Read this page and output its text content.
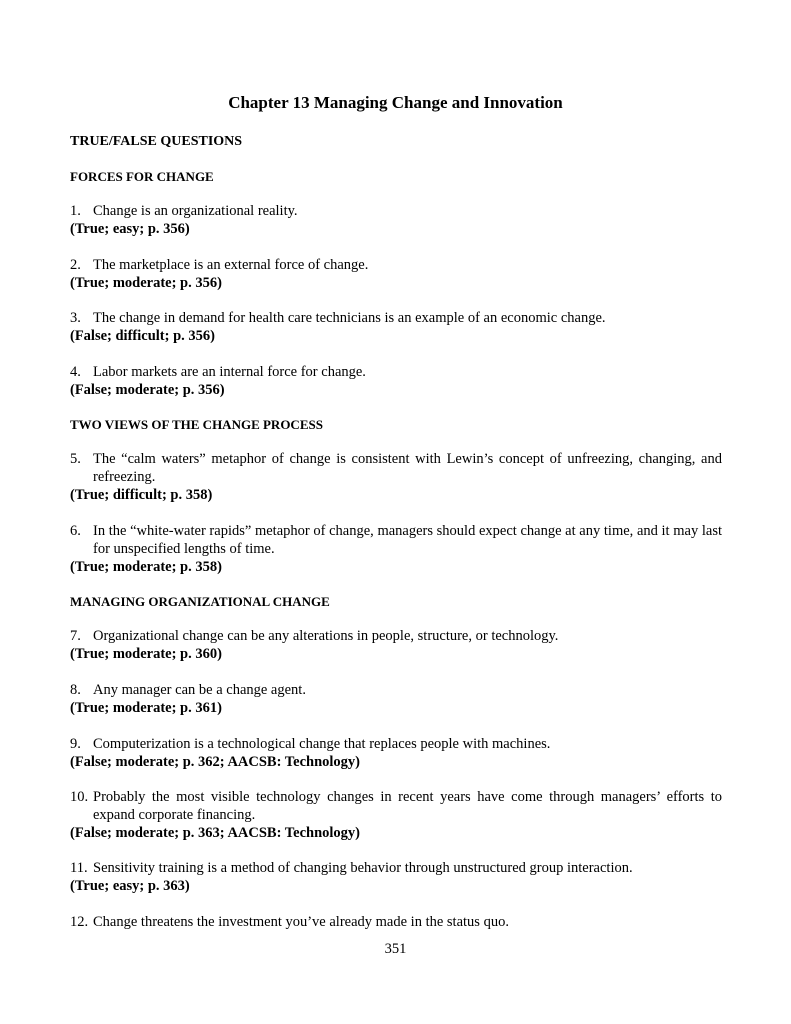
Chapter 13 Managing Change and Innovation
TRUE/FALSE QUESTIONS
FORCES FOR CHANGE
1. Change is an organizational reality.
(True; easy; p. 356)
2. The marketplace is an external force of change.
(True; moderate; p. 356)
3. The change in demand for health care technicians is an example of an economic change.
(False; difficult; p. 356)
4. Labor markets are an internal force for change.
(False; moderate; p. 356)
TWO VIEWS OF THE CHANGE PROCESS
5. The “calm waters” metaphor of change is consistent with Lewin’s concept of unfreezing, changing, and refreezing.
(True; difficult; p. 358)
6. In the “white-water rapids” metaphor of change, managers should expect change at any time, and it may last for unspecified lengths of time.
(True; moderate; p. 358)
MANAGING ORGANIZATIONAL CHANGE
7. Organizational change can be any alterations in people, structure, or technology.
(True; moderate; p. 360)
8. Any manager can be a change agent.
(True; moderate; p. 361)
9. Computerization is a technological change that replaces people with machines.
(False; moderate; p. 362; AACSB: Technology)
10. Probably the most visible technology changes in recent years have come through managers’ efforts to expand corporate financing.
(False; moderate; p. 363; AACSB: Technology)
11. Sensitivity training is a method of changing behavior through unstructured group interaction.
(True; easy; p. 363)
12. Change threatens the investment you’ve already made in the status quo.
351
